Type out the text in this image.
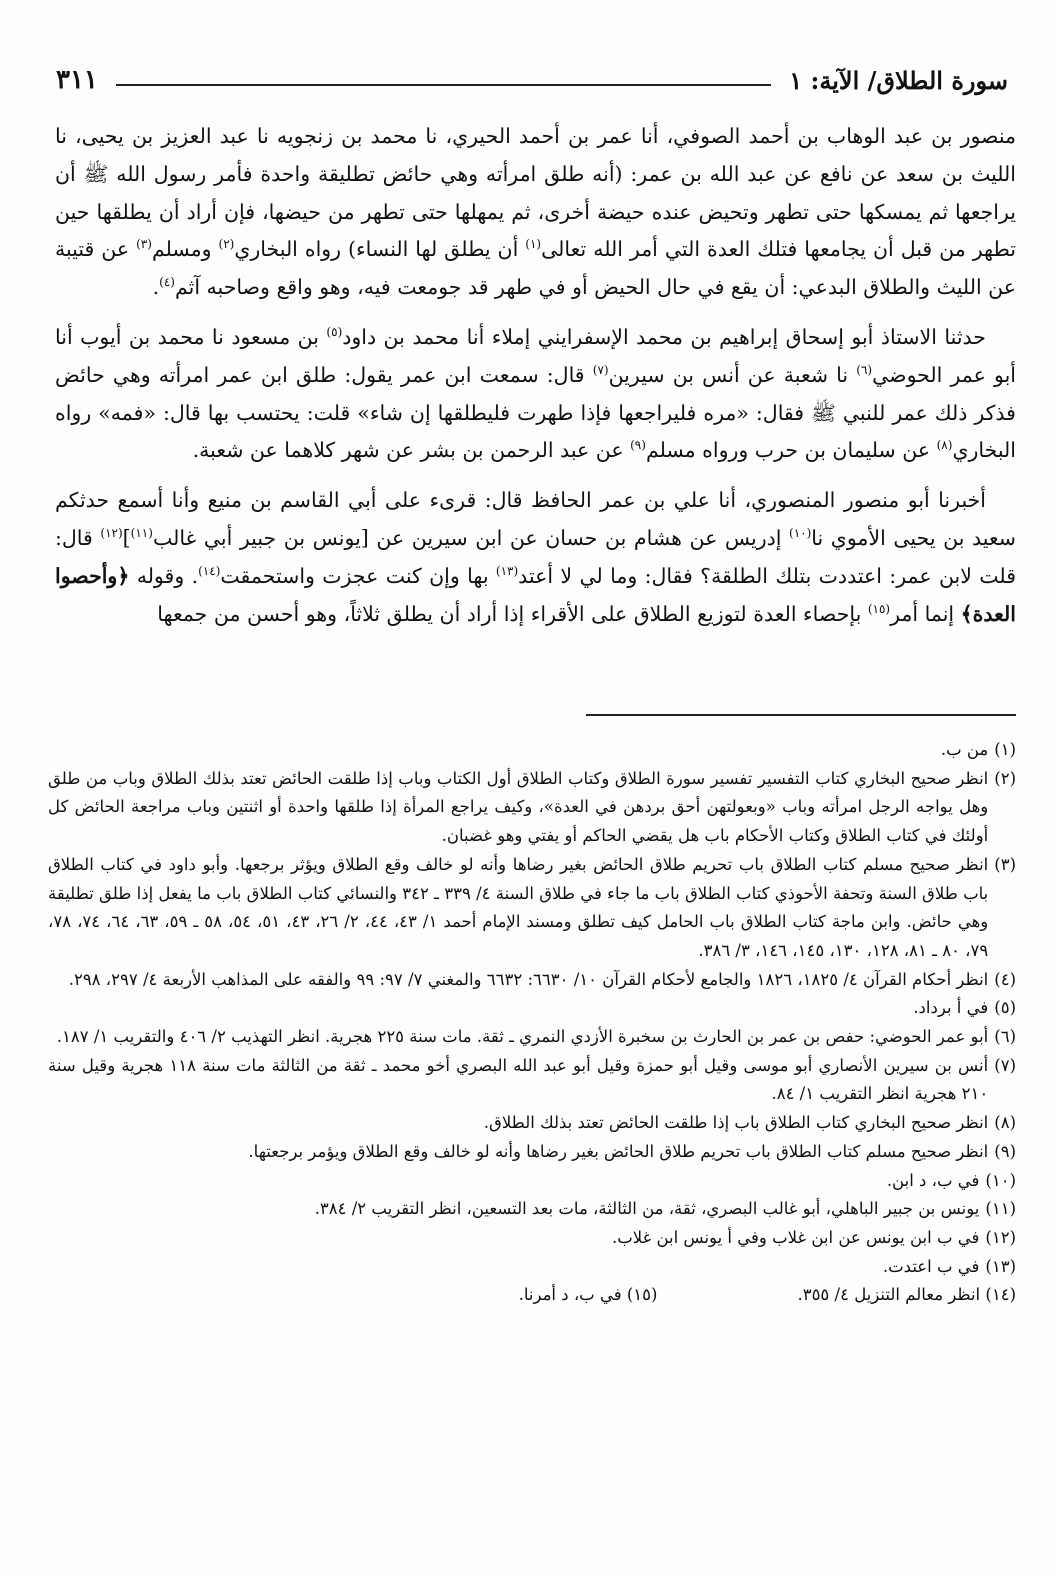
سورة الطلاق/ الآية: ١
٣١١

منصور بن عبد الوهاب بن أحمد الصوفي، أنا عمر بن أحمد الحيري، نا محمد بن زنجويه نا عبد العزيز بن يحيى، نا الليث بن سعد عن نافع عن عبد الله بن عمر: (أنه طلق امرأته وهي حائض تطليقة واحدة فأمر رسول الله ﷺ أن يراجعها ثم يمسكها حتى تطهر وتحيض عنده حيضة أخرى، ثم يمهلها حتى تطهر من حيضها، فإن أراد أن يطلقها حين تطهر من قبل أن يجامعها فتلك العدة التي أمر الله تعالى$^{(١)}$ أن يطلق لها النساء) رواه البخاري$^{(٢)}$ ومسلم$^{(٣)}$ عن قتيبة عن الليث والطلاق البدعي: أن يقع في حال الحيض أو في طهر قد جومعت فيه، وهو واقع وصاحبه آثم$^{(٤)}$.

حدثنا الاستاذ أبو إسحاق إبراهيم بن محمد الإسفرايني إملاء أنا محمد بن داود$^{(٥)}$ بن مسعود نا محمد بن أيوب أنا أبو عمر الحوضي$^{(٦)}$ نا شعبة عن أنس بن سيرين$^{(٧)}$ قال: سمعت ابن عمر يقول: طلق ابن عمر امرأته وهي حائض فذكر ذلك عمر للنبي ﷺ فقال: «مره فليراجعها فإذا طهرت فليطلقها إن شاء» قلت: يحتسب بها قال: «فمه» رواه البخاري$^{(٨)}$ عن سليمان بن حرب ورواه مسلم$^{(٩)}$ عن عبد الرحمن بن بشر عن شهر كلاهما عن شعبة.

أخبرنا أبو منصور المنصوري، أنا علي بن عمر الحافظ قال: قرىء على أبي القاسم بن منيع وأنا أسمع حدثكم سعيد بن يحيى الأموي نا$^{(١٠)}$ إدريس عن هشام بن حسان عن ابن سيرين عن [يونس بن جبير أبي غالب$^{(١١)}$]$^{(١٢)}$ قال: قلت لابن عمر: اعتددت بتلك الطلقة؟ فقال: وما لي لا أعتد$^{(١٣)}$ بها وإن كنت عجزت واستحمقت$^{(١٤)}$. وقوله ﴿وأحصوا العدة﴾ إنما أمر$^{(١٥)}$ بإحصاء العدة لتوزيع الطلاق على الأقراء إذا أراد أن يطلق ثلاثاً، وهو أحسن من جمعها

(١)
من ب.
(٢)
انظر صحيح البخاري كتاب التفسير تفسير سورة الطلاق وكتاب الطلاق أول الكتاب وباب إذا طلقت الحائض تعتد بذلك الطلاق وباب من طلق وهل يواجه الرجل امرأته وباب «وبعولتهن أحق بردهن في العدة»، وكيف يراجع المرأة إذا طلقها واحدة أو اثنتين وباب مراجعة الحائض كل أولئك في كتاب الطلاق وكتاب الأحكام باب هل يقضي الحاكم أو يفتي وهو غضبان.
(٣)
انظر صحيح مسلم كتاب الطلاق باب تحريم طلاق الحائض بغير رضاها وأنه لو خالف وقع الطلاق ويؤثر برجعها. وأبو داود في كتاب الطلاق باب طلاق السنة وتحفة الأحوذي كتاب الطلاق باب ما جاء في طلاق السنة ٤/ ٣٣٩ ـ ٣٤٢ والنسائي كتاب الطلاق باب ما يفعل إذا طلق تطليقة وهي حائض. وابن ماجة كتاب الطلاق باب الحامل كيف تطلق ومسند الإمام أحمد ١/ ٤٣، ٤٤، ٢/ ٢٦، ٤٣، ٥١، ٥٤، ٥٨ ـ ٥٩، ٦٣، ٦٤، ٧٤، ٧٨، ٧٩، ٨٠ ـ ٨١، ١٢٨، ١٣٠، ١٤٥، ١٤٦، ٣/ ٣٨٦.
(٤)
انظر أحكام القرآن ٤/ ١٨٢٥، ١٨٢٦ والجامع لأحكام القرآن ١٠/ ٦٦٣٠: ٦٦٣٢ والمغني ٧/ ٩٧: ٩٩ والفقه على المذاهب الأربعة ٤/ ٢٩٧، ٢٩٨.
(٥)
في أ برداد.
(٦)
أبو عمر الحوضي: حفص بن عمر بن الحارث بن سخبرة الأزدي النمري ـ ثقة. مات سنة ٢٢٥ هجرية. انظر التهذيب ٢/ ٤٠٦ والتقريب ١/ ١٨٧.
(٧)
أنس بن سيرين الأنصاري أبو موسى وقيل أبو حمزة وقيل أبو عبد الله البصري أخو محمد ـ ثقة من الثالثة مات سنة ١١٨ هجرية وقيل سنة ٢١٠ هجرية انظر التقريب ١/ ٨٤.
(٨)
انظر صحيح البخاري كتاب الطلاق باب إذا طلقت الحائض تعتد بذلك الطلاق.
(٩)
انظر صحيح مسلم كتاب الطلاق باب تحريم طلاق الحائض بغير رضاها وأنه لو خالف وقع الطلاق ويؤمر برجعتها.
(١٠)
في ب، د ابن.
(١١)
يونس بن جبير الباهلي، أبو غالب البصري، ثقة، من الثالثة، مات بعد التسعين، انظر التقريب ٢/ ٣٨٤.
(١٢)
في ب ابن يونس عن ابن غلاب وفي أ يونس ابن غلاب.
(١٣)
في ب اعتدت.
(١٤) انظر معالم التنزيل ٤/ ٣٥٥.
(١٥) في ب، د أمرنا.
